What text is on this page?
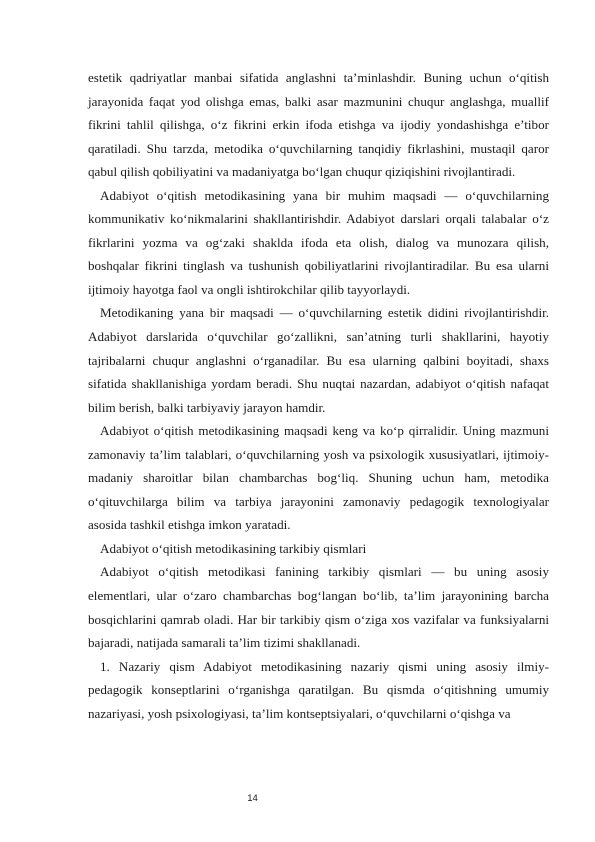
estetik qadriyatlar manbai sifatida anglashni ta’minlashdir. Buning uchun o‘qitish jarayonida faqat yod olishga emas, balki asar mazmunini chuqur anglashga, muallif fikrini tahlil qilishga, o‘z fikrini erkin ifoda etishga va ijodiy yondashishga e’tibor qaratiladi. Shu tarzda, metodika o‘quvchilarning tanqidiy fikrlashini, mustaqil qaror qabul qilish qobiliyatini va madaniyatga bo‘lgan chuqur qiziqishini rivojlantiradi.

Adabiyot o‘qitish metodikasining yana bir muhim maqsadi — o‘quvchilarning kommunikativ ko‘nikmalarini shakllantirishdir. Adabiyot darslari orqali talabalar o‘z fikrlarini yozma va og‘zaki shaklda ifoda eta olish, dialog va munozara qilish, boshqalar fikrini tinglash va tushunish qobiliyatlarini rivojlantiradilar. Bu esa ularni ijtimoiy hayotga faol va ongli ishtirokchilar qilib tayyorlaydi.

Metodikaning yana bir maqsadi — o‘quvchilarning estetik didini rivojlantirishdir. Adabiyot darslarida o‘quvchilar go‘zallikni, san’atning turli shakllarini, hayotiy tajribalarni chuqur anglashni o‘rganadilar. Bu esa ularning qalbini boyitadi, shaxs sifatida shakllanishiga yordam beradi. Shu nuqtai nazardan, adabiyot o‘qitish nafaqat bilim berish, balki tarbiyaviy jarayon hamdir.

Adabiyot o‘qitish metodikasining maqsadi keng va ko‘p qirralidir. Uning mazmuni zamonaviy ta’lim talablari, o‘quvchilarning yosh va psixologik xususiyatlari, ijtimoiy-madaniy sharoitlar bilan chambarchas bog‘liq. Shuning uchun ham, metodika o‘qituvchilarga bilim va tarbiya jarayonini zamonaviy pedagogik texnologiyalar asosida tashkil etishga imkon yaratadi.

Adabiyot o‘qitish metodikasining tarkibiy qismlari

Adabiyot o‘qitish metodikasi fanining tarkibiy qismlari — bu uning asosiy elementlari, ular o‘zaro chambarchas bog‘langan bo‘lib, ta’lim jarayonining barcha bosqichlarini qamrab oladi. Har bir tarkibiy qism o‘ziga xos vazifalar va funksiyalarni bajaradi, natijada samarali ta’lim tizimi shakllanadi.

1. Nazariy qism Adabiyot metodikasining nazariy qismi uning asosiy ilmiy-pedagogik konseptlarini o‘rganishga qaratilgan. Bu qismda o‘qitishning umumiy nazariyasi, yosh psixologiyasi, ta’lim kontseptsiyalari, o‘quvchilarni o‘qishga va

14
